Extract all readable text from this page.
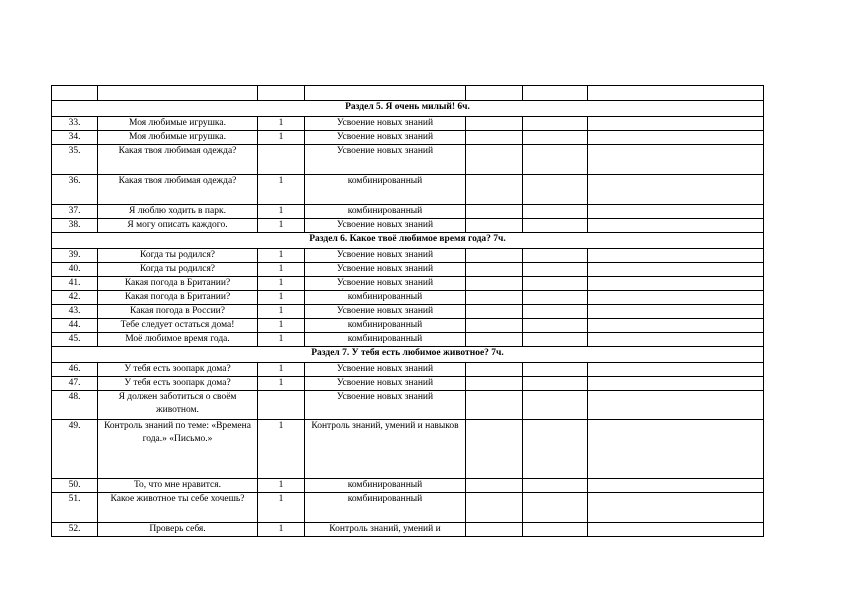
Раздел 5. Я очень милый! 6ч.						
33.	Моя любимые игрушка.	1	Усвоение новых знаний			
34.	Моя любимые игрушка.	1	Усвоение новых знаний			
35.	Какая твоя любимая одежда?		Усвоение новых знаний			
36.	Какая твоя любимая одежда?	1	комбинированный			
37.	Я люблю ходить в парк.	1	комбинированный			
38.	Я могу описать каждого.	1	Усвоение новых знаний			
Раздел 6. Какое твоё любимое время года? 7ч.						
39.	Когда ты родился?	1	Усвоение новых знаний			
40.	Когда ты родился?	1	Усвоение новых знаний			
41.	Какая погода в Британии?	1	Усвоение новых знаний			
42.	Какая погода в Британии?	1	комбинированный			
43.	Какая погода в России?	1	Усвоение новых знаний			
44.	Тебе следует остаться дома!	1	комбинированный			
45.	Моё любимое время года.	1	комбинированный			
Раздел 7. У тебя есть любимое животное? 7ч.						
46.	У тебя есть зоопарк дома?	1	Усвоение новых знаний			
47.	У тебя есть зоопарк дома?	1	Усвоение новых знаний			
48.	Я должен заботиться о своём животном.		Усвоение новых знаний			
49.	Контроль знаний по теме: «Времена года.» «Письмо.»	1	Контроль знаний, умений и навыков			
50.	То, что мне нравится.	1	комбинированный			
51.	Какое животное ты себе хочешь?	1	комбинированный			
52.	Проверь себя.	1	Контроль знаний, умений и			
